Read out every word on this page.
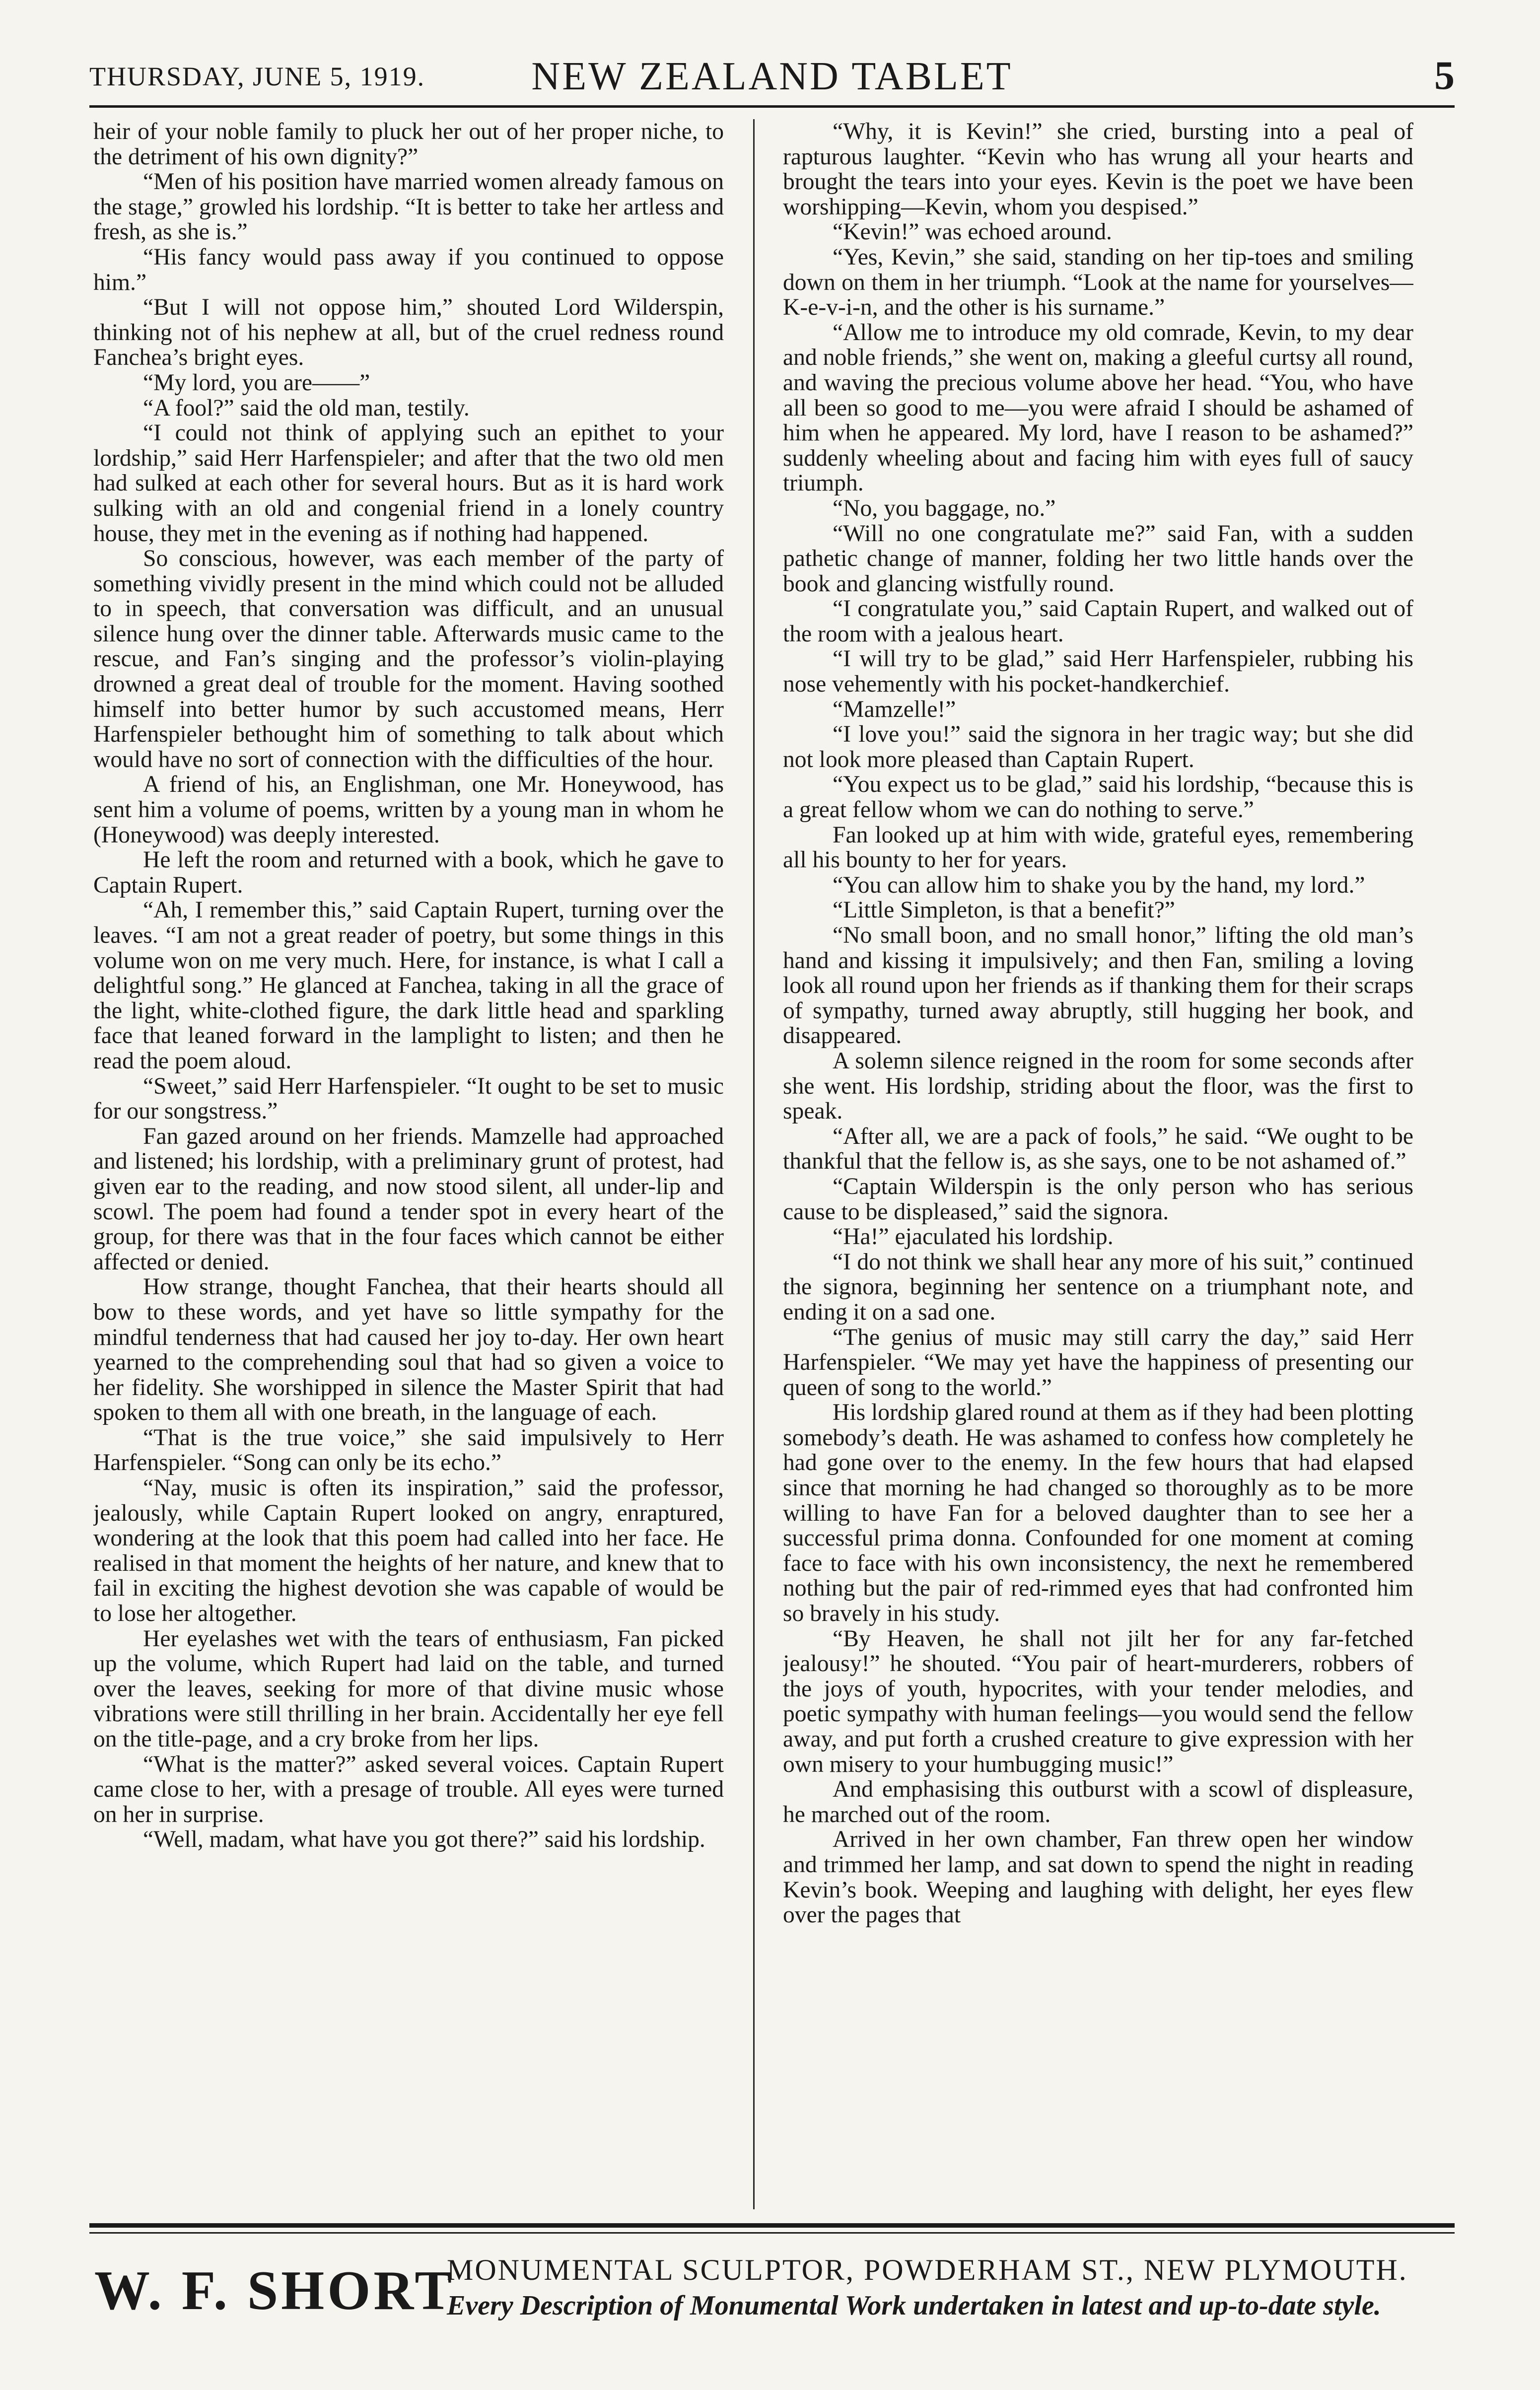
THURSDAY, JUNE 5, 1919.	NEW ZEALAND TABLET	5

heir of your noble family to pluck her out of her proper niche, to the detriment of his own dignity?”

“Men of his position have married women already famous on the stage,” growled his lordship. “It is better to take her artless and fresh, as she is.”

“His fancy would pass away if you continued to oppose him.”

“But I will not oppose him,” shouted Lord Wilderspin, thinking not of his nephew at all, but of the cruel redness round Fanchea’s bright eyes.

“My lord, you are——”

“A fool?” said the old man, testily.

“I could not think of applying such an epithet to your lordship,” said Herr Harfenspieler; and after that the two old men had sulked at each other for several hours. But as it is hard work sulking with an old and congenial friend in a lonely country house, they met in the evening as if nothing had happened.

So conscious, however, was each member of the party of something vividly present in the mind which could not be alluded to in speech, that conversation was difficult, and an unusual silence hung over the dinner table. Afterwards music came to the rescue, and Fan’s singing and the professor’s violin-playing drowned a great deal of trouble for the moment. Having soothed himself into better humor by such accustomed means, Herr Harfenspieler bethought him of something to talk about which would have no sort of connection with the difficulties of the hour.

A friend of his, an Englishman, one Mr. Honeywood, has sent him a volume of poems, written by a young man in whom he (Honeywood) was deeply interested.

He left the room and returned with a book, which he gave to Captain Rupert.

“Ah, I remember this,” said Captain Rupert, turning over the leaves. “I am not a great reader of poetry, but some things in this volume won on me very much. Here, for instance, is what I call a delightful song.” He glanced at Fanchea, taking in all the grace of the light, white-clothed figure, the dark little head and sparkling face that leaned forward in the lamplight to listen; and then he read the poem aloud.

“Sweet,” said Herr Harfenspieler. “It ought to be set to music for our songstress.”

Fan gazed around on her friends. Mamzelle had approached and listened; his lordship, with a preliminary grunt of protest, had given ear to the reading, and now stood silent, all under-lip and scowl. The poem had found a tender spot in every heart of the group, for there was that in the four faces which cannot be either affected or denied.

How strange, thought Fanchea, that their hearts should all bow to these words, and yet have so little sympathy for the mindful tenderness that had caused her joy to-day. Her own heart yearned to the comprehending soul that had so given a voice to her fidelity. She worshipped in silence the Master Spirit that had spoken to them all with one breath, in the language of each.

“That is the true voice,” she said impulsively to Herr Harfenspieler. “Song can only be its echo.”

“Nay, music is often its inspiration,” said the professor, jealously, while Captain Rupert looked on angry, enraptured, wondering at the look that this poem had called into her face. He realised in that moment the heights of her nature, and knew that to fail in exciting the highest devotion she was capable of would be to lose her altogether.

Her eyelashes wet with the tears of enthusiasm, Fan picked up the volume, which Rupert had laid on the table, and turned over the leaves, seeking for more of that divine music whose vibrations were still thrilling in her brain. Accidentally her eye fell on the title-page, and a cry broke from her lips.

“What is the matter?” asked several voices. Captain Rupert came close to her, with a presage of trouble. All eyes were turned on her in surprise.

“Well, madam, what have you got there?” said his lordship.

“Why, it is Kevin!” she cried, bursting into a peal of rapturous laughter. “Kevin who has wrung all your hearts and brought the tears into your eyes. Kevin is the poet we have been worshipping—Kevin, whom you despised.”

“Kevin!” was echoed around.

“Yes, Kevin,” she said, standing on her tip-toes and smiling down on them in her triumph. “Look at the name for yourselves—K-e-v-i-n, and the other is his surname.”

“Allow me to introduce my old comrade, Kevin, to my dear and noble friends,” she went on, making a gleeful curtsy all round, and waving the precious volume above her head. “You, who have all been so good to me—you were afraid I should be ashamed of him when he appeared. My lord, have I reason to be ashamed?” suddenly wheeling about and facing him with eyes full of saucy triumph.

“No, you baggage, no.”

“Will no one congratulate me?” said Fan, with a sudden pathetic change of manner, folding her two little hands over the book and glancing wistfully round.

“I congratulate you,” said Captain Rupert, and walked out of the room with a jealous heart.

“I will try to be glad,” said Herr Harfenspieler, rubbing his nose vehemently with his pocket-handkerchief.

“Mamzelle!”

“I love you!” said the signora in her tragic way; but she did not look more pleased than Captain Rupert.

“You expect us to be glad,” said his lordship, “because this is a great fellow whom we can do nothing to serve.”

Fan looked up at him with wide, grateful eyes, remembering all his bounty to her for years.

“You can allow him to shake you by the hand, my lord.”

“Little Simpleton, is that a benefit?”

“No small boon, and no small honor,” lifting the old man’s hand and kissing it impulsively; and then Fan, smiling a loving look all round upon her friends as if thanking them for their scraps of sympathy, turned away abruptly, still hugging her book, and disappeared.

A solemn silence reigned in the room for some seconds after she went. His lordship, striding about the floor, was the first to speak.

“After all, we are a pack of fools,” he said. “We ought to be thankful that the fellow is, as she says, one to be not ashamed of.”

“Captain Wilderspin is the only person who has serious cause to be displeased,” said the signora.

“Ha!” ejaculated his lordship.

“I do not think we shall hear any more of his suit,” continued the signora, beginning her sentence on a triumphant note, and ending it on a sad one.

“The genius of music may still carry the day,” said Herr Harfenspieler. “We may yet have the happiness of presenting our queen of song to the world.”

His lordship glared round at them as if they had been plotting somebody’s death. He was ashamed to confess how completely he had gone over to the enemy. In the few hours that had elapsed since that morning he had changed so thoroughly as to be more willing to have Fan for a beloved daughter than to see her a successful prima donna. Confounded for one moment at coming face to face with his own inconsistency, the next he remembered nothing but the pair of red-rimmed eyes that had confronted him so bravely in his study.

“By Heaven, he shall not jilt her for any far-fetched jealousy!” he shouted. “You pair of heart-murderers, robbers of the joys of youth, hypocrites, with your tender melodies, and poetic sympathy with human feelings—you would send the fellow away, and put forth a crushed creature to give expression with her own misery to your humbugging music!”

And emphasising this outburst with a scowl of displeasure, he marched out of the room.

Arrived in her own chamber, Fan threw open her window and trimmed her lamp, and sat down to spend the night in reading Kevin’s book. Weeping and laughing with delight, her eyes flew over the pages that

W. F. SHORT
MONUMENTAL SCULPTOR, POWDERHAM ST., NEW PLYMOUTH.
Every Description of Monumental Work undertaken in latest and up-to-date style.
